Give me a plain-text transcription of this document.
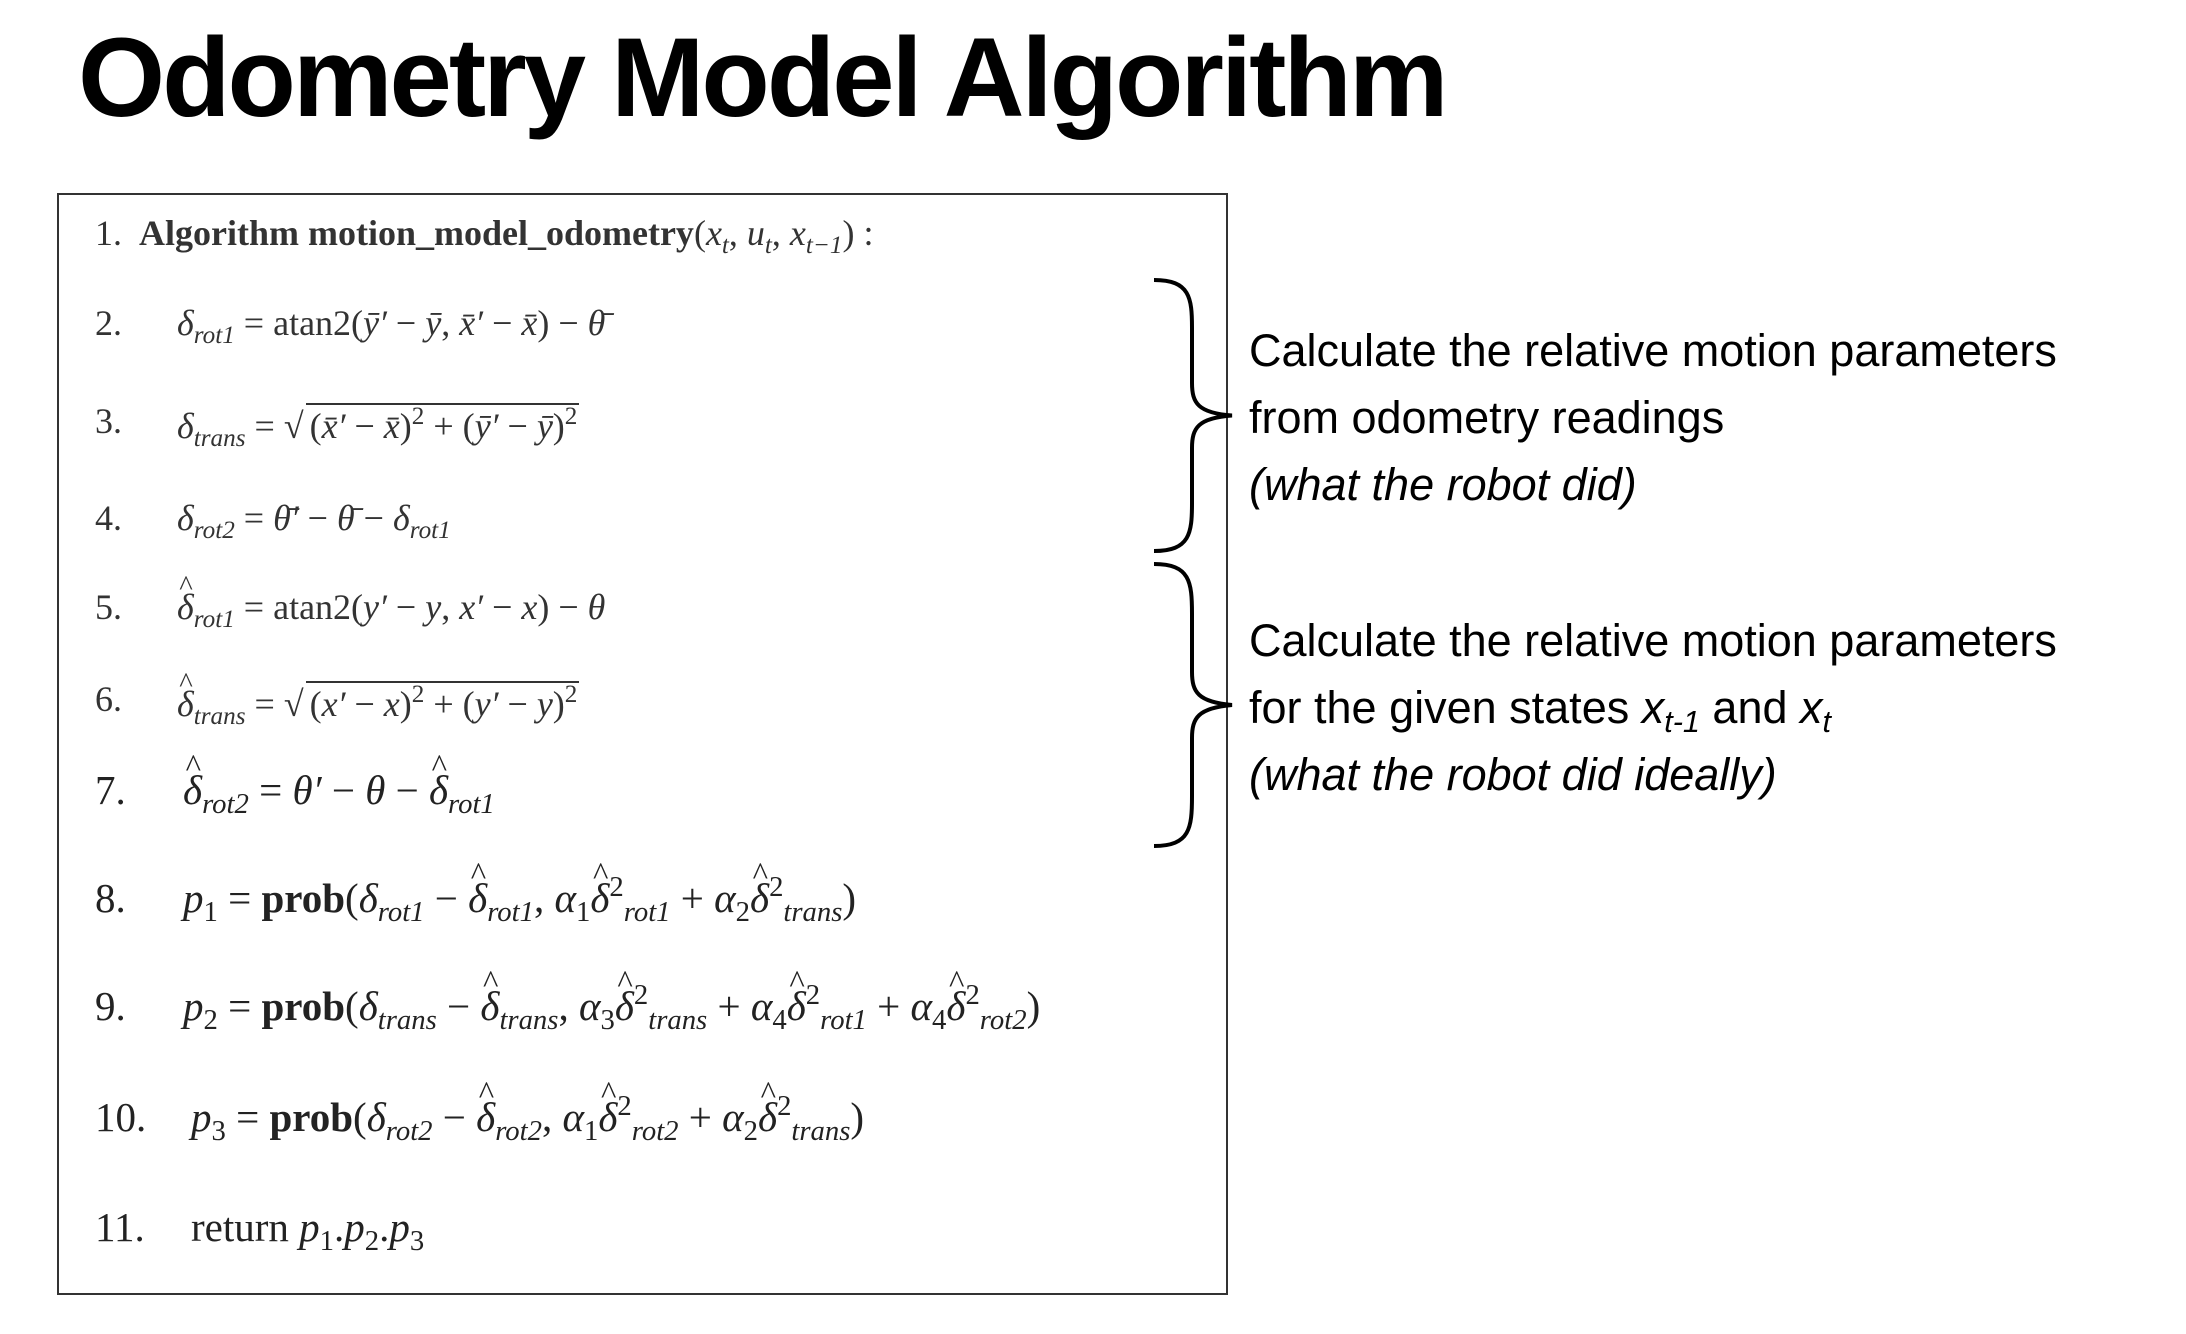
Odometry Model Algorithm
1. Algorithm $motion\_model\_odometry(x_t$, $u_t$, $x_{t-1}$) :
2. $\delta_{rot1}$ = atan2(ȳ′ − ȳ, x̄′ − x̄) − θ̄
3. $\delta_{trans}$ = √ (x̄′ − x̄)$^2$ + (ȳ′ − ȳ)$^2$
4. $\delta_{rot2}$ = θ̄′ − θ̄ − $\delta_{rot1}$
5. ^ $\delta_{rot1} = atan2(y' - y$, x′ − x) − θ
6. ^ $\delta_{trans}$ = √ $(x' - x)^2 + (y' - y)^2$
7. ^ $\delta_{rot2} = \theta' - \theta$ − ^ $\delta_{rot1}$
8. $p_1$ = $prob(\delta_{rot1}$ − ^ $\delta_{rot1}$, $\alpha_1\^{}$ $\delta^2_{rot1}$ + $\alpha_2\^{}$ $\delta^2_{trans}$)
9. $p_2$ = $prob(\delta_{trans}$ − ^ $\delta_{trans}$, $\alpha_3\^{}$ $\delta^2_{trans}$ + $\alpha_4\^{}$ $\delta^2_{rot1}$ + $\alpha_4\^{}$ $\delta^2_{rot2}$)
10. $p_3$ = $prob(\delta_{rot2}$ − ^ $\delta_{rot2}$, $\alpha_1\^{}$ $\delta^2_{rot2}$ + $\alpha_2\^{}$ $\delta^2_{trans}$)
11. return $p_1.p_2.p_3$
Calculate the relative motion parameters
from odometry readings
(what the robot did)
Calculate the relative motion parameters
for the given states $x_{t-1}$ and $x_t$
(what the robot did ideally)
